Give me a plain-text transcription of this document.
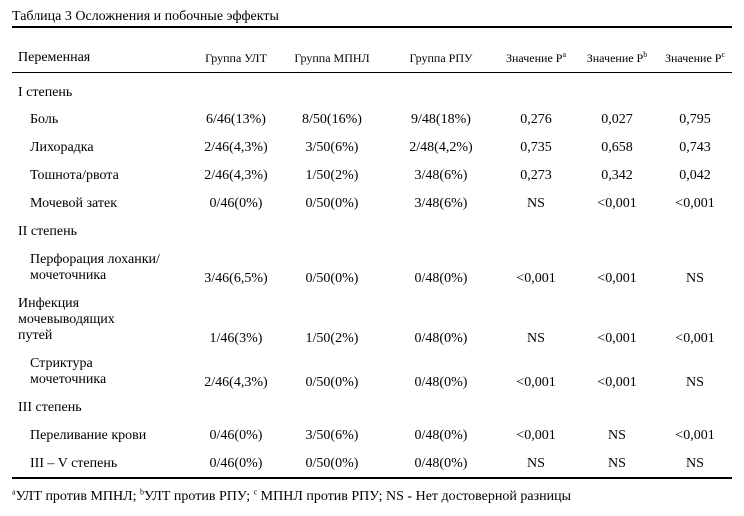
Таблица 3 Осложнения и побочные эффекты
Переменная	Группа УЛТ	Группа МПНЛ	Группа РПУ	Значение $P^a$	Значение $P^b$	Значение $P^c$
I степень						
Боль	6/46(13%)	8/50(16%)	9/48(18%)	0,276	0,027	0,795
Лихорадка	2/46(4,3%)	3/50(6%)	2/48(4,2%)	0,735	0,658	0,743
Тошнота/рвота	2/46(4,3%)	1/50(2%)	3/48(6%)	0,273	0,342	0,042
Мочевой затек	0/46(0%)	0/50(0%)	3/48(6%)	NS	<0,001	<0,001
II степень						
Перфорация лоханки/ мочеточника	3/46(6,5%)	0/50(0%)	0/48(0%)	<0,001	<0,001	NS
Инфекция мочевыводящих путей	1/46(3%)	1/50(2%)	0/48(0%)	NS	<0,001	<0,001
Стриктура мочеточника	2/46(4,3%)	0/50(0%)	0/48(0%)	<0,001	<0,001	NS
III степень						
Переливание крови	0/46(0%)	3/50(6%)	0/48(0%)	<0,001	NS	<0,001
III – V степень	0/46(0%)	0/50(0%)	0/48(0%)	NS	NS	NS
$^a$УЛТ против МПНЛ; $^b$УЛТ против РПУ; $^c$ МПНЛ против РПУ; NS - Нет достоверной разницы
